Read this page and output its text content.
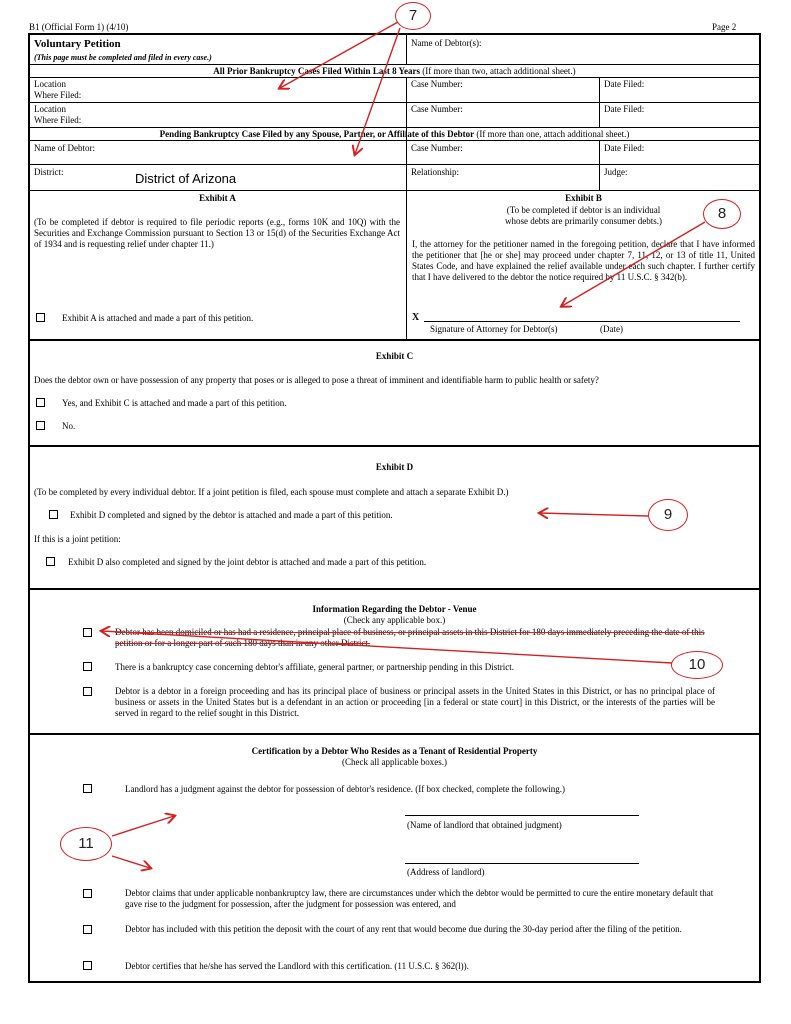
B1 (Official Form 1) (4/10)	Page 2
Voluntary Petition
(This page must be completed and filed in every case.)
Name of Debtor(s):
All Prior Bankruptcy Cases Filed Within Last 8 Years (If more than two, attach additional sheet.)
Location
Where Filed:
Case Number:	Date Filed:
Location
Where Filed:
Case Number:	Date Filed:
Pending Bankruptcy Case Filed by any Spouse, Partner, or Affiliate of this Debtor (If more than one, attach additional sheet.)
Name of Debtor:	Case Number:	Date Filed:
District:	District of Arizona	Relationship:	Judge:
Exhibit A
(To be completed if debtor is required to file periodic reports (e.g., forms 10K and 10Q) with the Securities and Exchange Commission pursuant to Section 13 or 15(d) of the Securities Exchange Act of 1934 and is requesting relief under chapter 11.)
Exhibit A is attached and made a part of this petition.
Exhibit B
(To be completed if debtor is an individual
whose debts are primarily consumer debts.)
I, the attorney for the petitioner named in the foregoing petition, declare that I have informed the petitioner that [he or she] may proceed under chapter 7, 11, 12, or 13 of title 11, United States Code, and have explained the relief available under each such chapter. I further certify that I have delivered to the debtor the notice required by 11 U.S.C. § 342(b).
X
Signature of Attorney for Debtor(s)	(Date)
Exhibit C
Does the debtor own or have possession of any property that poses or is alleged to pose a threat of imminent and identifiable harm to public health or safety?
Yes, and Exhibit C is attached and made a part of this petition.
No.
Exhibit D
(To be completed by every individual debtor. If a joint petition is filed, each spouse must complete and attach a separate Exhibit D.)
Exhibit D completed and signed by the debtor is attached and made a part of this petition.
If this is a joint petition:
Exhibit D also completed and signed by the joint debtor is attached and made a part of this petition.
Information Regarding the Debtor - Venue
(Check any applicable box.)
Debtor has been domiciled or has had a residence, principal place of business, or principal assets in this District for 180 days immediately preceding the date of this petition or for a longer part of such 180 days than in any other District.
There is a bankruptcy case concerning debtor's affiliate, general partner, or partnership pending in this District.
Debtor is a debtor in a foreign proceeding and has its principal place of business or principal assets in the United States in this District, or has no principal place of business or assets in the United States but is a defendant in an action or proceeding [in a federal or state court] in this District, or the interests of the parties will be served in regard to the relief sought in this District.
Certification by a Debtor Who Resides as a Tenant of Residential Property
(Check all applicable boxes.)
Landlord has a judgment against the debtor for possession of debtor's residence. (If box checked, complete the following.)
(Name of landlord that obtained judgment)
(Address of landlord)
Debtor claims that under applicable nonbankruptcy law, there are circumstances under which the debtor would be permitted to cure the entire monetary default that gave rise to the judgment for possession, after the judgment for possession was entered, and
Debtor has included with this petition the deposit with the court of any rent that would become due during the 30-day period after the filing of the petition.
Debtor certifies that he/she has served the Landlord with this certification. (11 U.S.C. § 362(l)).
7
8
9
10
11
